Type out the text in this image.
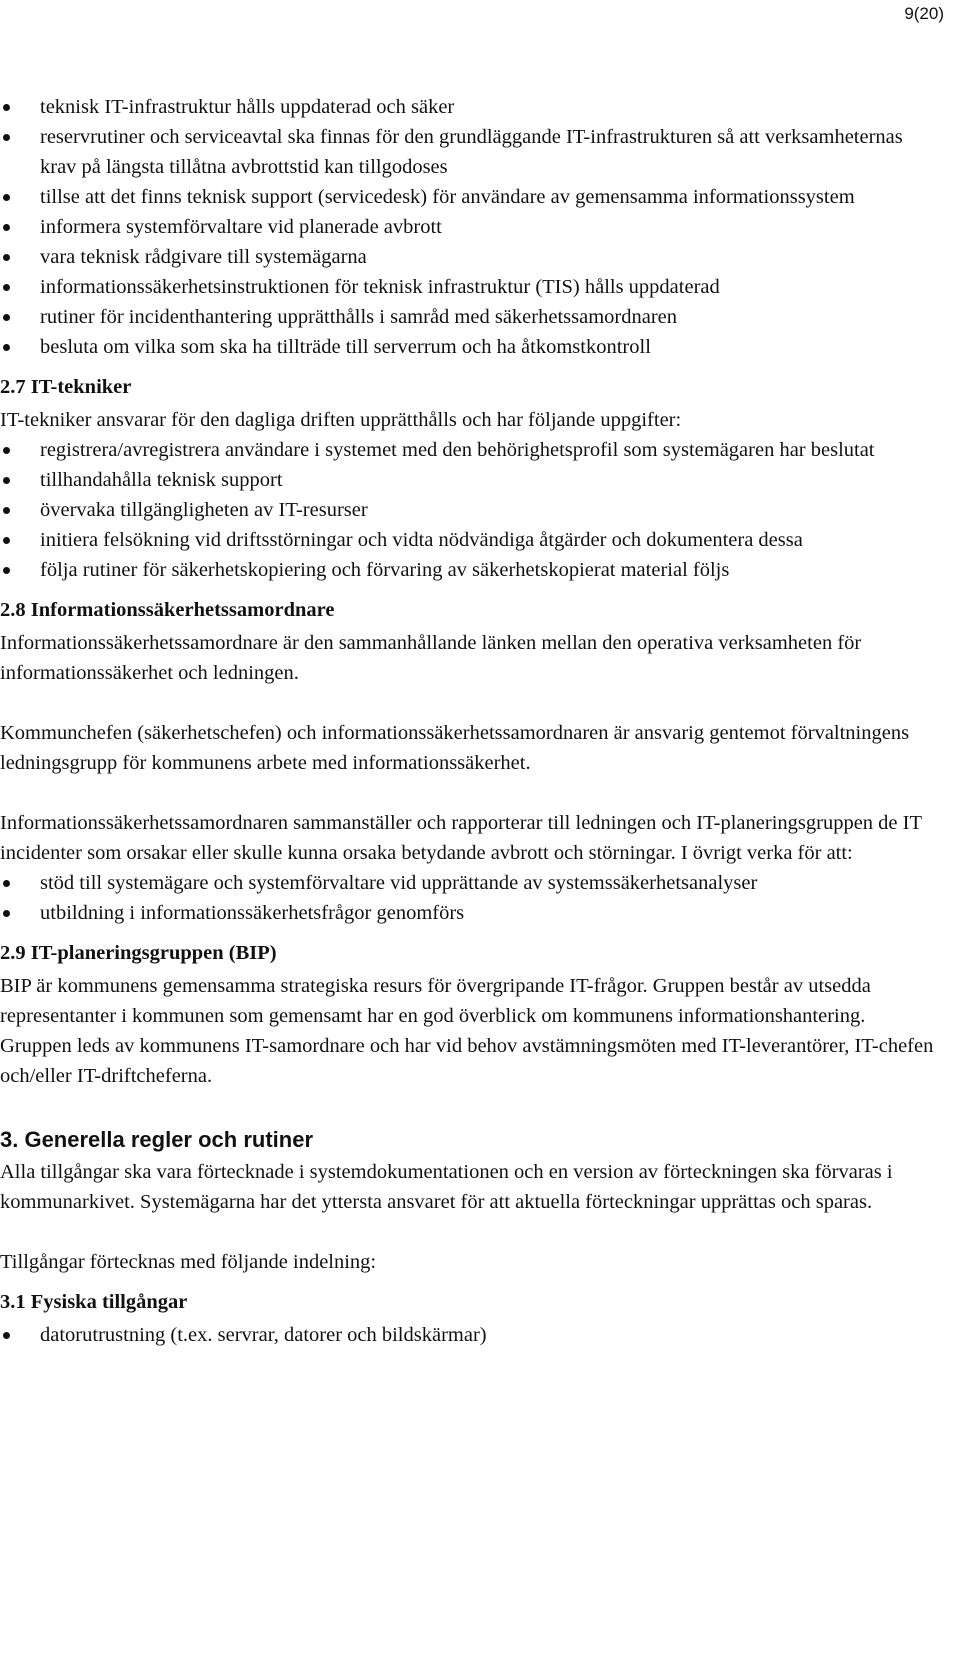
9(20)
teknisk IT-infrastruktur hålls uppdaterad och säker
reservrutiner och serviceavtal ska finnas för den grundläggande IT-infrastrukturen så att verksamheternas krav på längsta tillåtna avbrottstid kan tillgodoses
tillse att det finns teknisk support (servicedesk) för användare av gemensamma informationssystem
informera systemförvaltare vid planerade avbrott
vara teknisk rådgivare till systemägarna
informationssäkerhetsinstruktionen för teknisk infrastruktur (TIS) hålls uppdaterad
rutiner för incidenthantering upprätthålls i samråd med säkerhetssamordnaren
besluta om vilka som ska ha tillträde till serverrum och ha åtkomstkontroll
2.7 IT-tekniker

IT-tekniker ansvarar för den dagliga driften upprätthålls och har följande uppgifter:

registrera/avregistrera användare i systemet med den behörighetsprofil som systemägaren har beslutat
tillhandahålla teknisk support
övervaka tillgängligheten av IT-resurser
initiera felsökning vid driftsstörningar och vidta nödvändiga åtgärder och dokumentera dessa
följa rutiner för säkerhetskopiering och förvaring av säkerhetskopierat material följs
2.8 Informationssäkerhetssamordnare

Informationssäkerhetssamordnare är den sammanhållande länken mellan den operativa verksamheten för informationssäkerhet och ledningen.

Kommunchefen (säkerhetschefen) och informationssäkerhetssamordnaren är ansvarig gentemot förvaltningens ledningsgrupp för kommunens arbete med informationssäkerhet.

Informationssäkerhetssamordnaren sammanställer och rapporterar till ledningen och IT-planeringsgruppen de IT incidenter som orsakar eller skulle kunna orsaka betydande avbrott och störningar. I övrigt verka för att:

stöd till systemägare och systemförvaltare vid upprättande av systemssäkerhetsanalyser
utbildning i informationssäkerhetsfrågor genomförs
2.9 IT-planeringsgruppen (BIP)

BIP är kommunens gemensamma strategiska resurs för övergripande IT-frågor. Gruppen består av utsedda representanter i kommunen som gemensamt har en god överblick om kommunens informationshantering. Gruppen leds av kommunens IT-samordnare och har vid behov avstämningsmöten med IT-leverantörer, IT-chefen och/eller IT-driftcheferna.

3. Generella regler och rutiner

Alla tillgångar ska vara förtecknade i systemdokumentationen och en version av förteckningen ska förvaras i kommunarkivet. Systemägarna har det yttersta ansvaret för att aktuella förteckningar upprättas och sparas.

Tillgångar förtecknas med följande indelning:

3.1 Fysiska tillgångar
datorutrustning (t.ex. servrar, datorer och bildskärmar)
